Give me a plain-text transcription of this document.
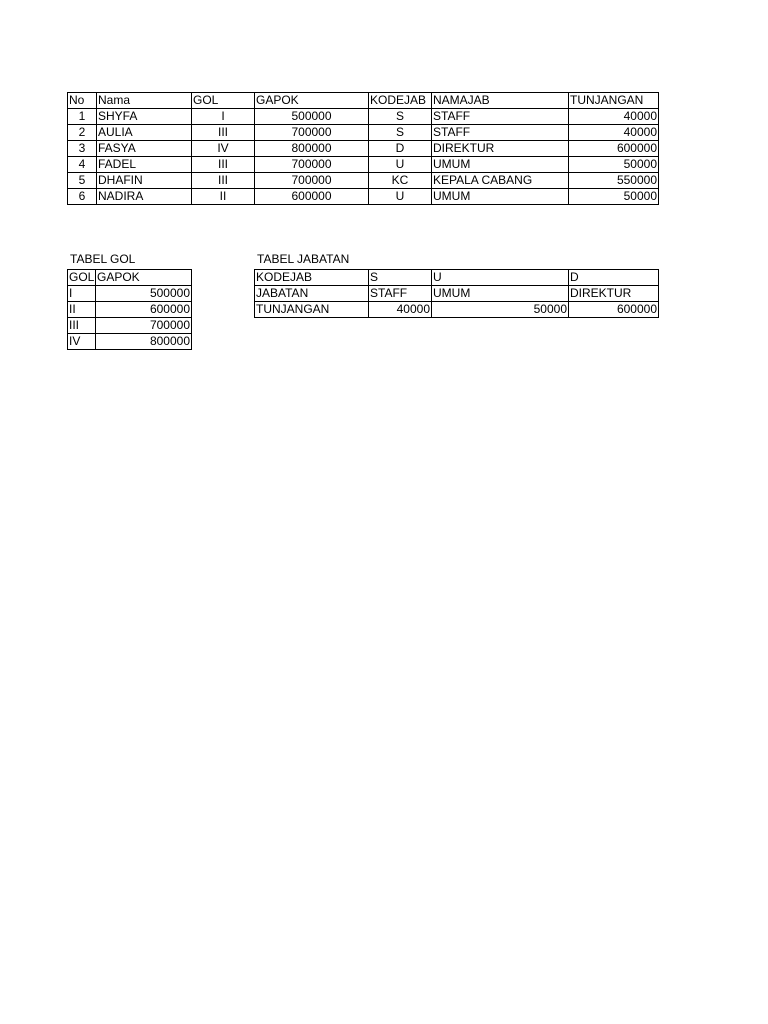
No	Nama	GOL	GAPOK	KODEJAB	NAMAJAB	TUNJANGAN
1	SHYFA	I	500000	S	STAFF	40000
2	AULIA	III	700000	S	STAFF	40000
3	FASYA	IV	800000	D	DIREKTUR	600000
4	FADEL	III	700000	U	UMUM	50000
5	DHAFIN	III	700000	KC	KEPALA CABANG	550000
6	NADIRA	II	600000	U	UMUM	50000
TABEL GOL
GOL	GAPOK
I	500000
II	600000
III	700000
IV	800000
TABEL JABATAN
KODEJAB	S	U	D
JABATAN	STAFF	UMUM	DIREKTUR
TUNJANGAN	40000	50000	600000
